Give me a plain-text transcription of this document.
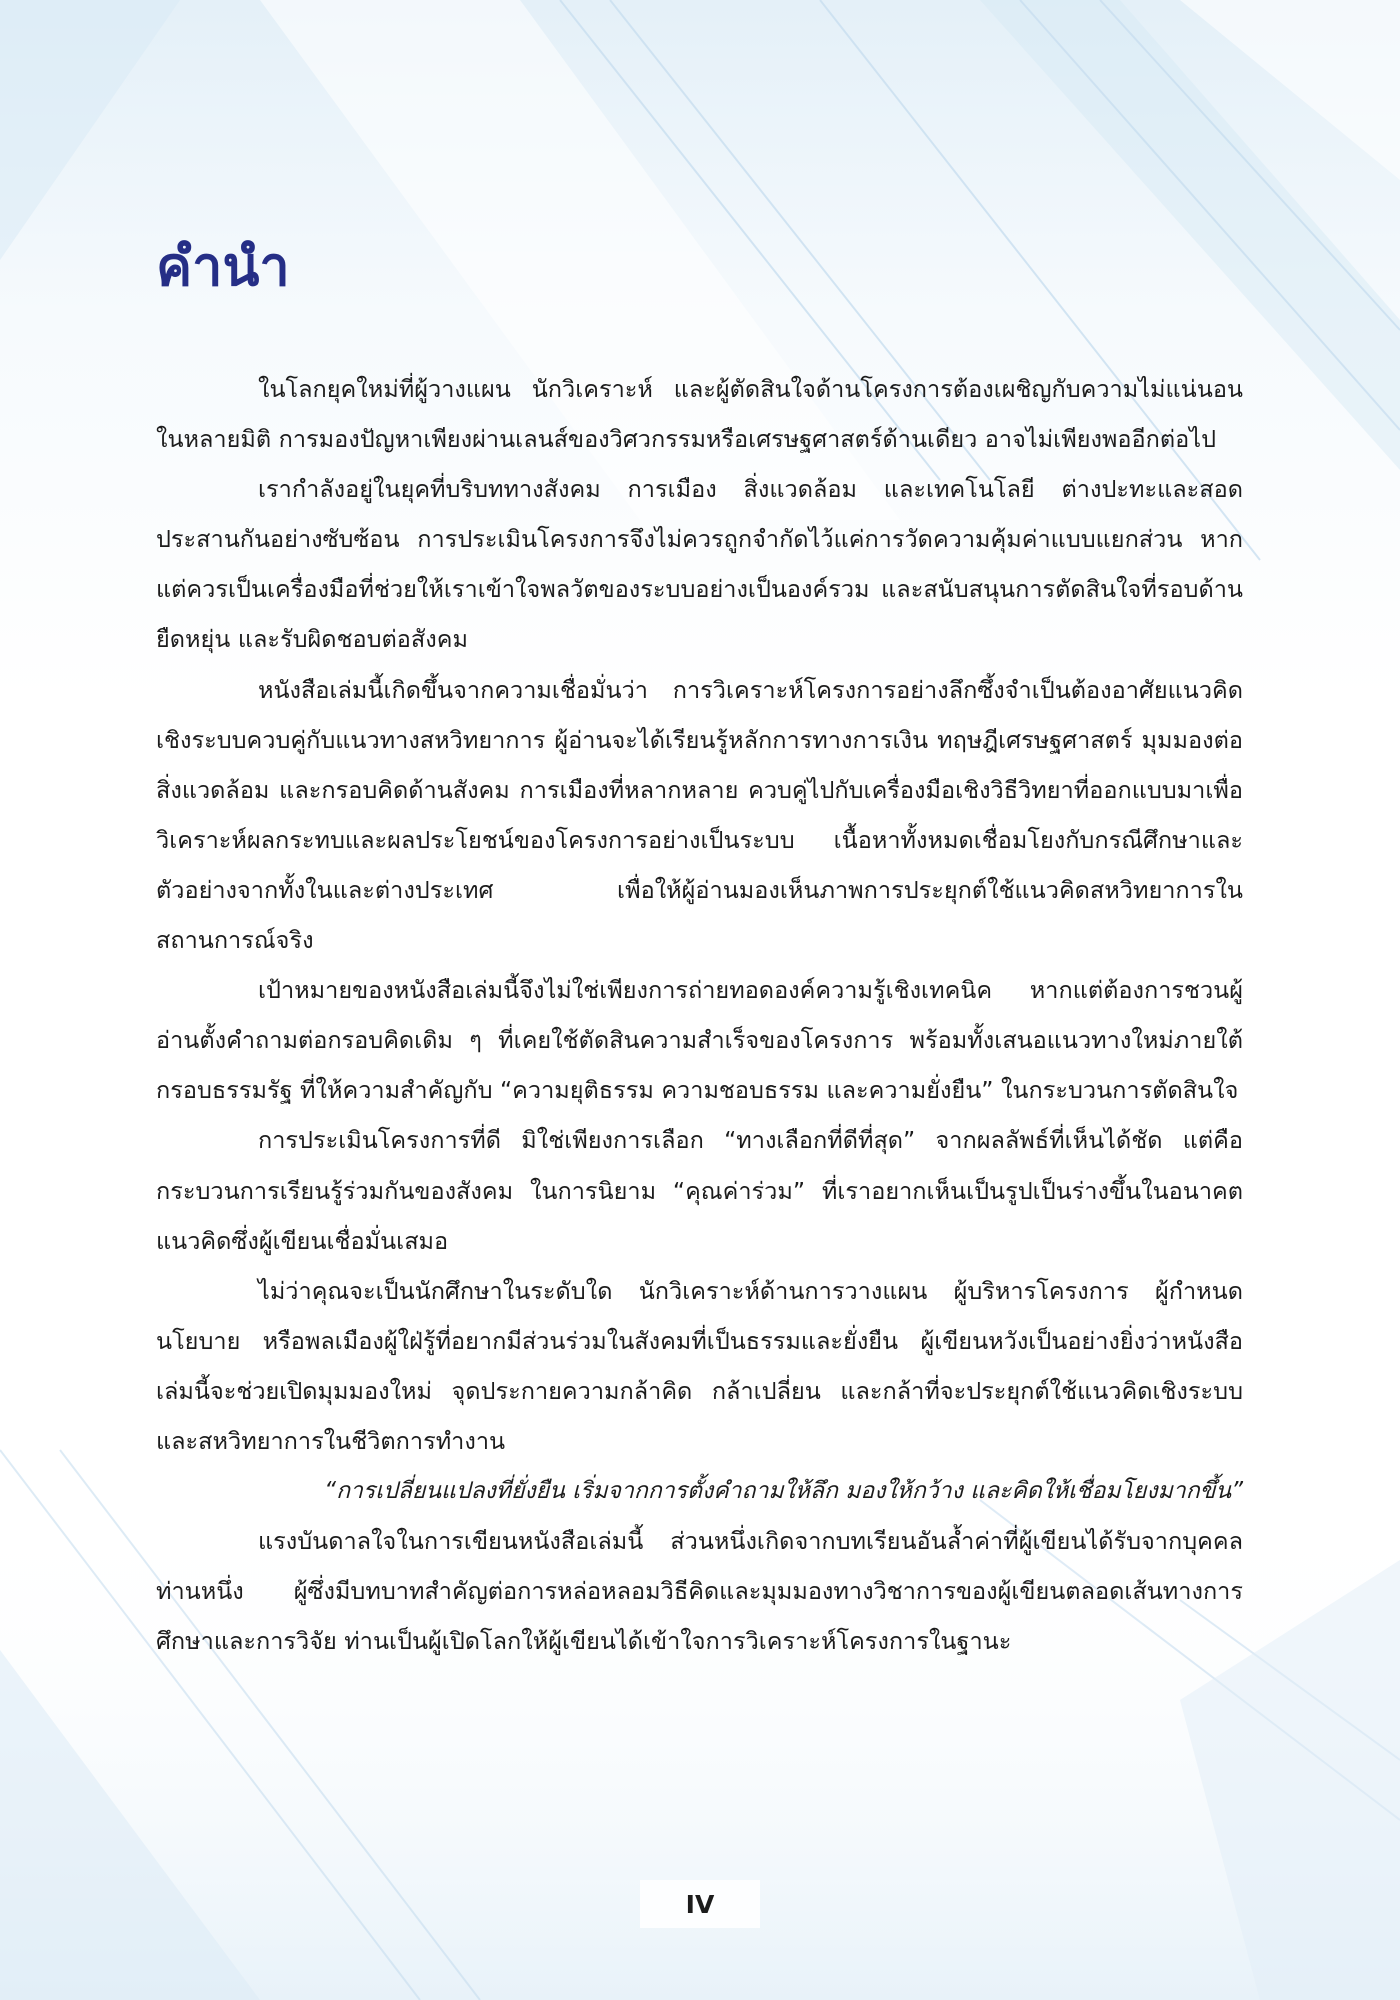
คำนำ

ในโลกยุคใหม่ที่ผู้วางแผน นักวิเคราะห์ และผู้ตัดสินใจด้านโครงการต้องเผชิญกับความไม่แน่นอนในหลายมิติ การมองปัญหาเพียงผ่านเลนส์ของวิศวกรรมหรือเศรษฐศาสตร์ด้านเดียว อาจไม่เพียงพออีกต่อไป

เรากำลังอยู่ในยุคที่บริบททางสังคม การเมือง สิ่งแวดล้อม และเทคโนโลยี ต่างปะทะและสอดประสานกันอย่างซับซ้อน การประเมินโครงการจึงไม่ควรถูกจำกัดไว้แค่การวัดความคุ้มค่าแบบแยกส่วน หากแต่ควรเป็นเครื่องมือที่ช่วยให้เราเข้าใจพลวัตของระบบอย่างเป็นองค์รวม และสนับสนุนการตัดสินใจที่รอบด้าน ยืดหยุ่น และรับผิดชอบต่อสังคม

หนังสือเล่มนี้เกิดขึ้นจากความเชื่อมั่นว่า การวิเคราะห์โครงการอย่างลึกซึ้งจำเป็นต้องอาศัยแนวคิดเชิงระบบควบคู่กับแนวทางสหวิทยาการ ผู้อ่านจะได้เรียนรู้หลักการทางการเงิน ทฤษฎีเศรษฐศาสตร์ มุมมองต่อสิ่งแวดล้อม และกรอบคิดด้านสังคม การเมืองที่หลากหลาย ควบคู่ไปกับเครื่องมือเชิงวิธีวิทยาที่ออกแบบมาเพื่อวิเคราะห์ผลกระทบและผลประโยชน์ของโครงการอย่างเป็นระบบ เนื้อหาทั้งหมดเชื่อมโยงกับกรณีศึกษาและตัวอย่างจากทั้งในและต่างประเทศ เพื่อให้ผู้อ่านมองเห็นภาพการประยุกต์ใช้แนวคิดสหวิทยาการในสถานการณ์จริง

เป้าหมายของหนังสือเล่มนี้จึงไม่ใช่เพียงการถ่ายทอดองค์ความรู้เชิงเทคนิค หากแต่ต้องการชวนผู้อ่านตั้งคำถามต่อกรอบคิดเดิม ๆ ที่เคยใช้ตัดสินความสำเร็จของโครงการ พร้อมทั้งเสนอแนวทางใหม่ภายใต้กรอบธรรมรัฐ ที่ให้ความสำคัญกับ “ความยุติธรรม ความชอบธรรม และความยั่งยืน” ในกระบวนการตัดสินใจ

การประเมินโครงการที่ดี มิใช่เพียงการเลือก “ทางเลือกที่ดีที่สุด” จากผลลัพธ์ที่เห็นได้ชัด แต่คือกระบวนการเรียนรู้ร่วมกันของสังคม ในการนิยาม “คุณค่าร่วม” ที่เราอยากเห็นเป็นรูปเป็นร่างขึ้นในอนาคต แนวคิดซึ่งผู้เขียนเชื่อมั่นเสมอ

ไม่ว่าคุณจะเป็นนักศึกษาในระดับใด นักวิเคราะห์ด้านการวางแผน ผู้บริหารโครงการ ผู้กำหนดนโยบาย หรือพลเมืองผู้ใฝ่รู้ที่อยากมีส่วนร่วมในสังคมที่เป็นธรรมและยั่งยืน ผู้เขียนหวังเป็นอย่างยิ่งว่าหนังสือเล่มนี้จะช่วยเปิดมุมมองใหม่ จุดประกายความกล้าคิด กล้าเปลี่ยน และกล้าที่จะประยุกต์ใช้แนวคิดเชิงระบบและสหวิทยาการในชีวิตการทำงาน

“การเปลี่ยนแปลงที่ยั่งยืน เริ่มจากการตั้งคำถามให้ลึก มองให้กว้าง และคิดให้เชื่อมโยงมากขึ้น”

แรงบันดาลใจในการเขียนหนังสือเล่มนี้ ส่วนหนึ่งเกิดจากบทเรียนอันล้ำค่าที่ผู้เขียนได้รับจากบุคคลท่านหนึ่ง ผู้ซึ่งมีบทบาทสำคัญต่อการหล่อหลอมวิธีคิดและมุมมองทางวิชาการของผู้เขียนตลอดเส้นทางการศึกษาและการวิจัย ท่านเป็นผู้เปิดโลกให้ผู้เขียนได้เข้าใจการวิเคราะห์โครงการในฐานะ

IV
